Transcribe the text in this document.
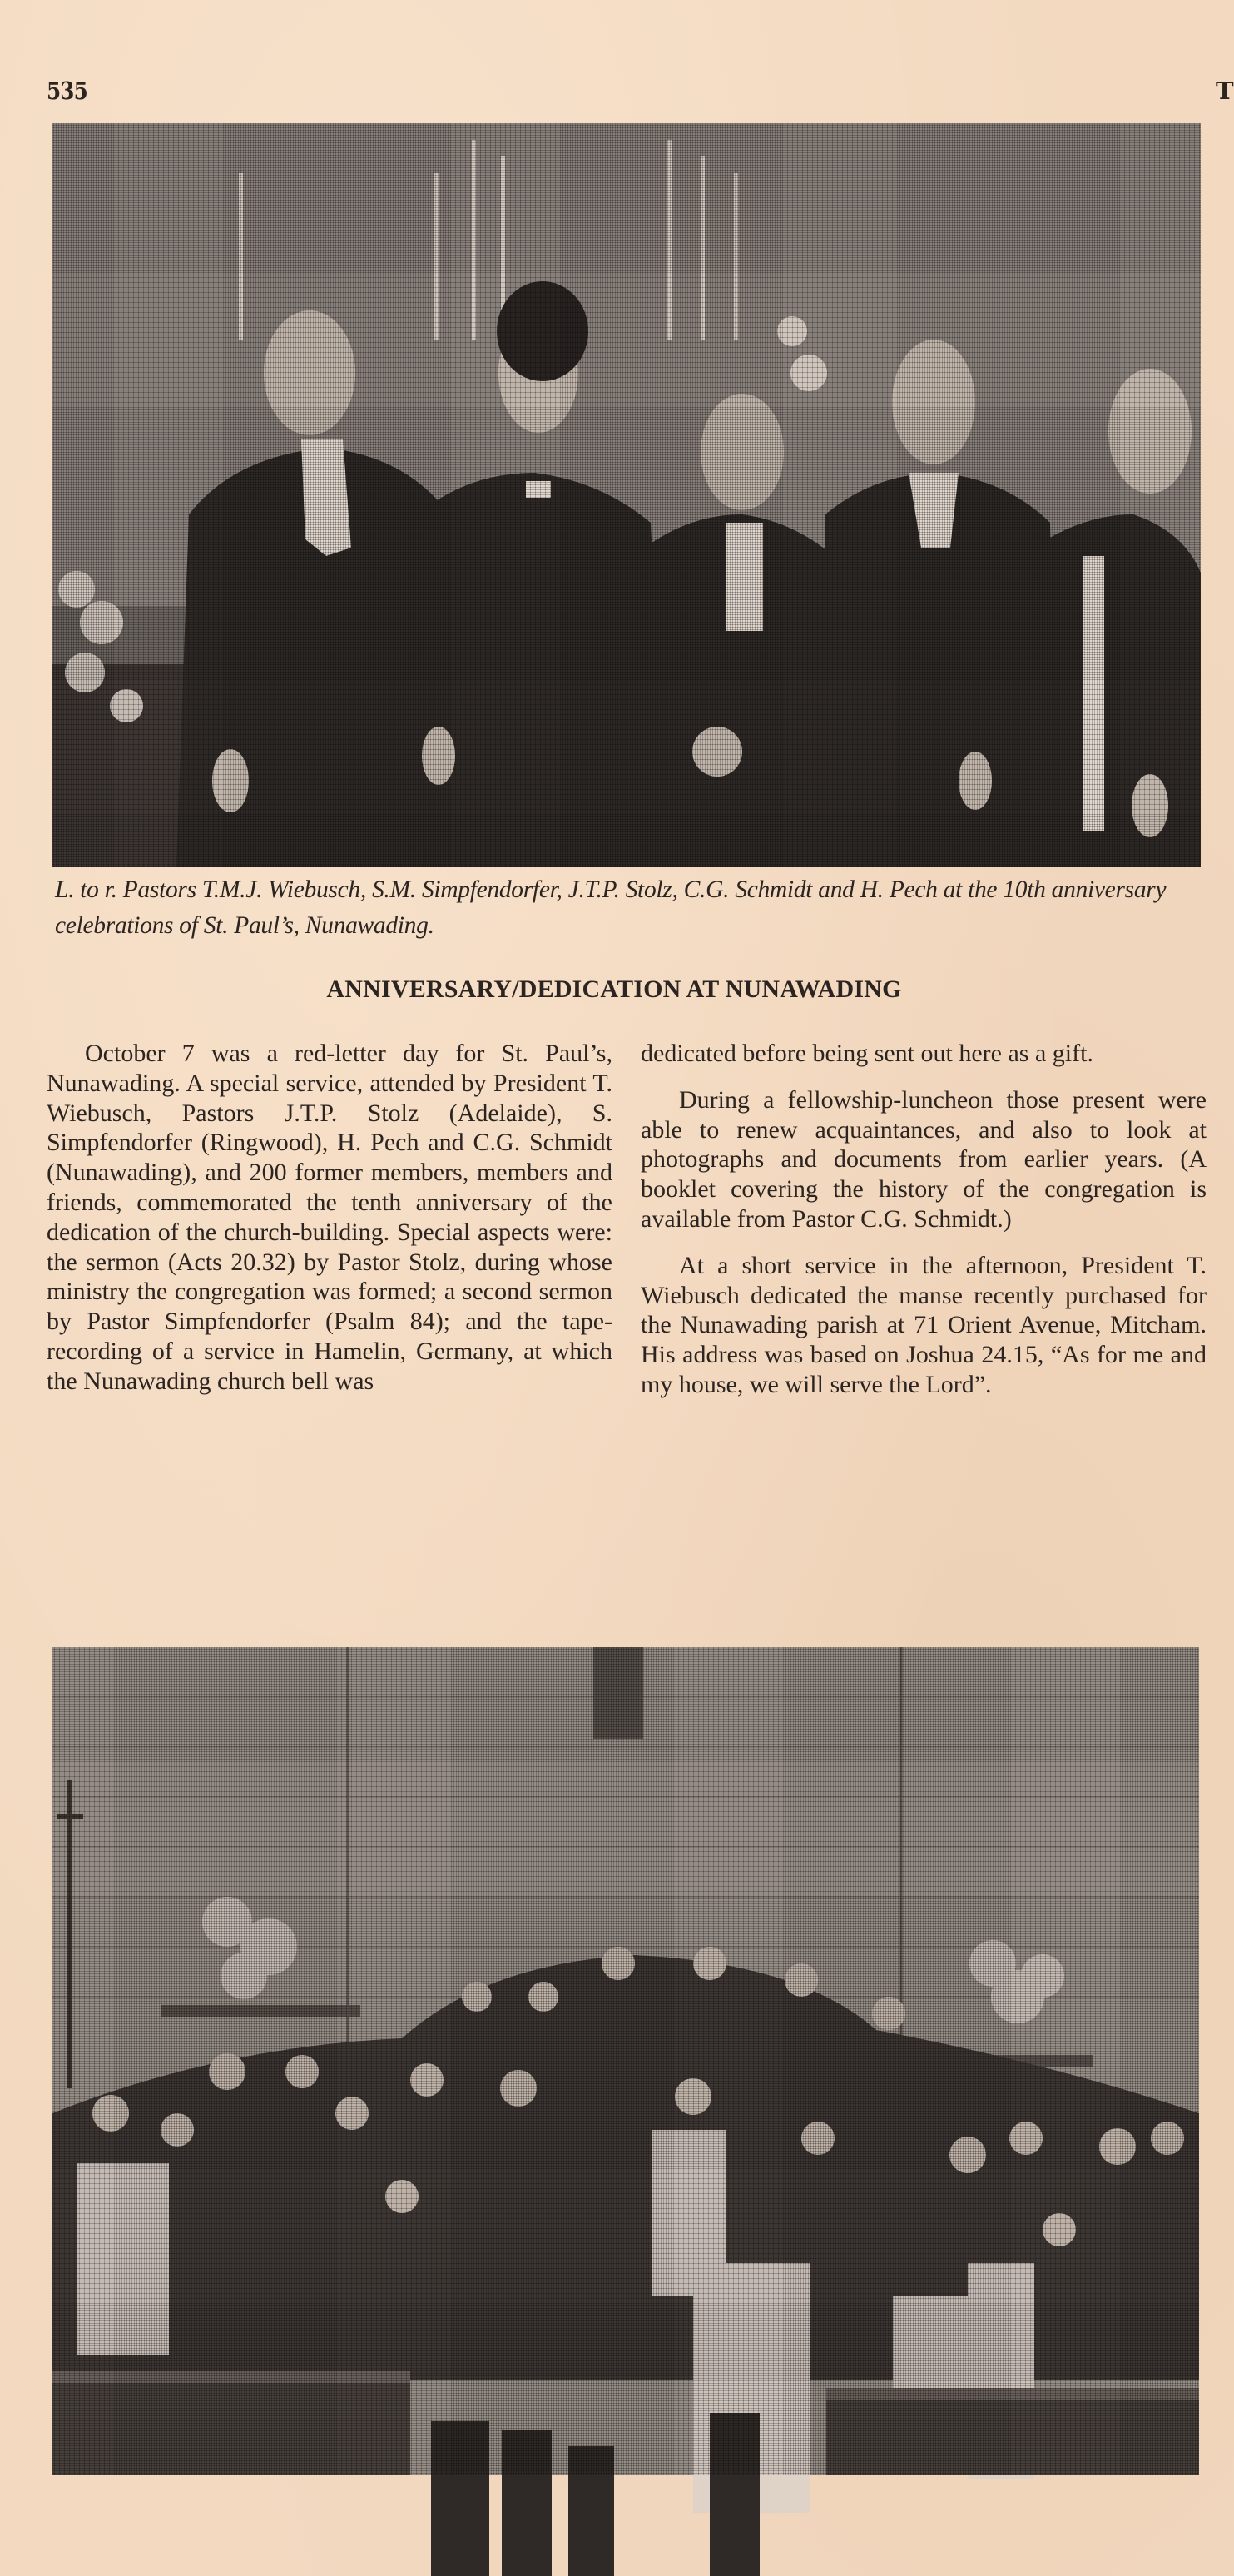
535	T
L. to r. Pastors T.M.J. Wiebusch, S.M. Simpfendorfer, J.T.P. Stolz, C.G. Schmidt and H. Pech at the 10th anniversary celebrations of St. Paul’s, Nunawading.
ANNIVERSARY/DEDICATION AT NUNAWADING

October 7 was a red-letter day for St. Paul’s, Nunawading. A special service, attended by President T. Wiebusch, Pastors J.T.P. Stolz (Adelaide), S. Simpfendorfer (Ringwood), H. Pech and C.G. Schmidt (Nunawading), and 200 former members, members and friends, commemorated the tenth anniversary of the dedication of the church-building. Special aspects were: the sermon (Acts 20.32) by Pastor Stolz, during whose ministry the congregation was formed; a second sermon by Pastor Simpfendorfer (Psalm 84); and the tape-recording of a service in Hamelin, Germany, at which the Nunawading church bell was

dedicated before being sent out here as a gift.

During a fellowship-luncheon those present were able to renew acquaintances, and also to look at photographs and documents from earlier years. (A booklet covering the history of the congregation is available from Pastor C.G. Schmidt.)

At a short service in the afternoon, President T. Wiebusch dedicated the manse recently purchased for the Nunawading parish at 71 Orient Avenue, Mitcham. His address was based on Joshua 24.15, “As for me and my house, we will serve the Lord”.
